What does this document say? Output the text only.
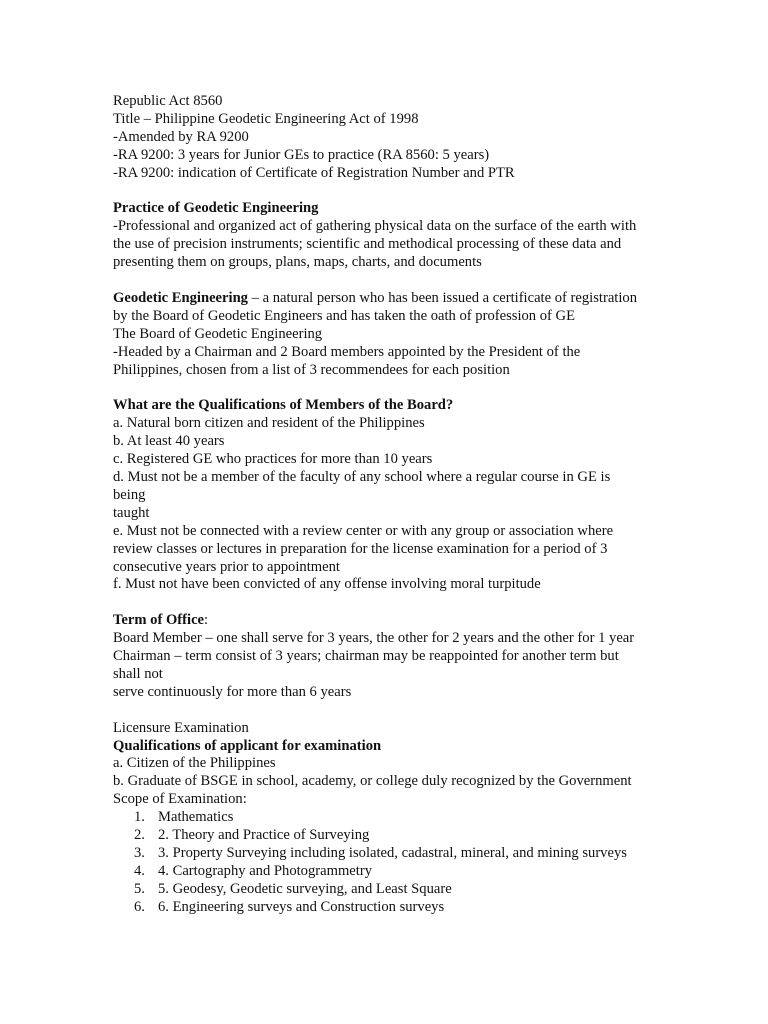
Republic Act 8560
Title – Philippine Geodetic Engineering Act of 1998
-Amended by RA 9200
-RA 9200: 3 years for Junior GEs to practice (RA 8560: 5 years)
-RA 9200: indication of Certificate of Registration Number and PTR
Practice of Geodetic Engineering
-Professional and organized act of gathering physical data on the surface of the earth with
the use of precision instruments; scientific and methodical processing of these data and
presenting them on groups, plans, maps, charts, and documents
Geodetic Engineering – a natural person who has been issued a certificate of registration
by the Board of Geodetic Engineers and has taken the oath of profession of GE
The Board of Geodetic Engineering
-Headed by a Chairman and 2 Board members appointed by the President of the
Philippines, chosen from a list of 3 recommendees for each position
What are the Qualifications of Members of the Board?
a. Natural born citizen and resident of the Philippines
b. At least 40 years
c. Registered GE who practices for more than 10 years
d. Must not be a member of the faculty of any school where a regular course in GE is
being
taught
e. Must not be connected with a review center or with any group or association where
review classes or lectures in preparation for the license examination for a period of 3
consecutive years prior to appointment
f. Must not have been convicted of any offense involving moral turpitude
Term of Office:
Board Member – one shall serve for 3 years, the other for 2 years and the other for 1 year
Chairman – term consist of 3 years; chairman may be reappointed for another term but
shall not
serve continuously for more than 6 years
Licensure Examination
Qualifications of applicant for examination
a. Citizen of the Philippines
b. Graduate of BSGE in school, academy, or college duly recognized by the Government
Scope of Examination:
1. Mathematics
2. 2. Theory and Practice of Surveying
3. 3. Property Surveying including isolated, cadastral, mineral, and mining surveys
4. 4. Cartography and Photogrammetry
5. 5. Geodesy, Geodetic surveying, and Least Square
6. 6. Engineering surveys and Construction surveys
